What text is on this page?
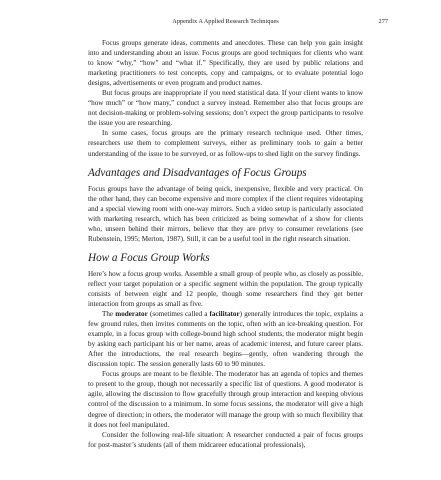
Appendix A Applied Research Techniques	277

Focus groups generate ideas, comments and anecdotes. These can help you gain insight into and understanding about an issue. Focus groups are good techniques for clients who want to know “why,” “how” and “what if.” Specifically, they are used by public relations and marketing practitioners to test concepts, copy and campaigns, or to evaluate potential logo designs, advertisements or even program and product names.

But focus groups are inappropriate if you need statistical data. If your client wants to know “how much” or “how many,” conduct a survey instead. Remember also that focus groups are not decision-making or problem-solving sessions; don’t expect the group participants to resolve the issue you are researching.

In some cases, focus groups are the primary research technique used. Other times, researchers use them to complement surveys, either as preliminary tools to gain a better understanding of the issue to be surveyed, or as follow-ups to shed light on the survey findings.

Advantages and Disadvantages of Focus Groups

Focus groups have the advantage of being quick, inexpensive, flexible and very practical. On the other hand, they can become expensive and more complex if the client requires videotaping and a special viewing room with one-way mirrors. Such a video setup is particularly associated with marketing research, which has been criticized as being somewhat of a show for clients who, unseen behind their mirrors, believe that they are privy to consumer revelations (see Rubenstein, 1995; Merton, 1987). Still, it can be a useful tool in the right research situation.

How a Focus Group Works

Here’s how a focus group works. Assemble a small group of people who, as closely as possible, reflect your target population or a specific segment within the population. The group typically consists of between eight and 12 people, though some researchers find they get better interaction from groups as small as five.

The moderator (sometimes called a facilitator) generally introduces the topic, explains a few ground rules, then invites comments on the topic, often with an ice-breaking question. For example, in a focus group with college-bound high school students, the moderator might begin by asking each participant his or her name, areas of academic interest, and future career plans. After the introductions, the real research begins—gently, often wandering through the discussion topic. The session generally lasts 60 to 90 minutes.

Focus groups are meant to be flexible. The moderator has an agenda of topics and themes to present to the group, though not necessarily a specific list of questions. A good moderator is agile, allowing the discussion to flow gracefully through group interaction and keeping obvious control of the discussion to a minimum. In some focus sessions, the moderator will give a high degree of direction; in others, the moderator will manage the group with so much flexibility that it does not feel manipulated.

Consider the following real-life situation: A researcher conducted a pair of focus groups for post-master’s students (all of them midcareer educational professionals),
